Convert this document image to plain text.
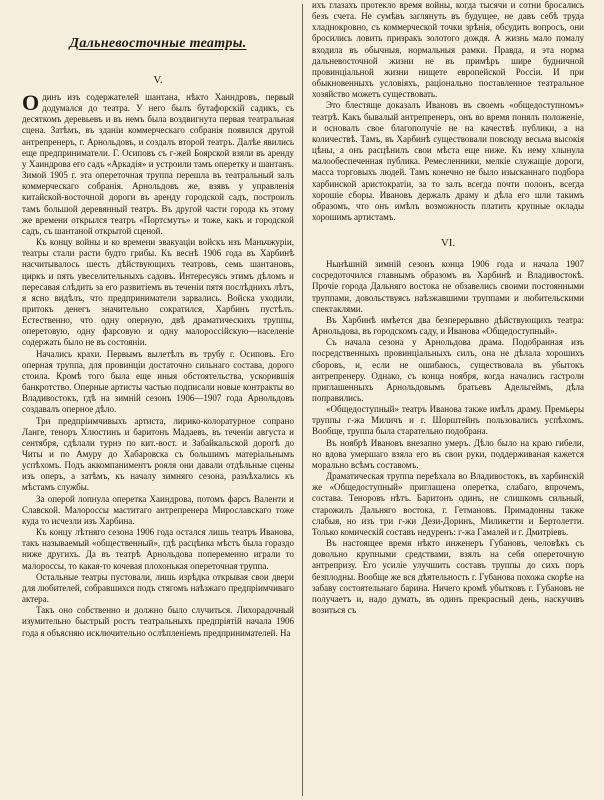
Дальневосточные театры.
V.

Одинъ изъ содержателей шантана, нѣкто Ханндровъ, первый додумался до театра. У него былъ бутафорскій садикъ, съ десяткомъ деревьевъ и въ немъ была воздвигнута первая театральная сцена. Затѣмъ, въ зданіи коммерческаго собранія появился другой антрепренеръ, г. Арнольдовъ, и создалъ второй театръ. Далѣе явились еще предприниматели. Г. Осиповъ съ г-жей Боярской взяли въ аренду у Хаиндрова его садъ «Аркадія» и устроили тамъ оперетку и шантанъ. Зимой 1905 г. эта опереточная труппа перешла въ театральный залъ коммерческаго собранія. Арнольдовъ же, взявъ у управленія китайской-восточной дороги въ аренду городской садъ, построилъ тамъ большой деревянный театръ. Въ другой части города къ этому же времени открылся театръ «Портсмутъ» и тоже, какъ и городской садъ, съ шантаной открытой сценой.

Къ концу войны и ко времени эвакуаціи войскъ изъ Маньчжуріи, театры стали расти будто грибы. Къ веснѣ 1906 года въ Харбинѣ насчитывалось шесть дѣйствующихъ театровъ, семь шантановъ, циркъ и пять увеселительныхъ садовъ. Интересуясь этимъ дѣломъ и пересавая слѣдить за его развитіемъ въ теченіи пятя послѣднихъ лѣтъ, я ясно видѣлъ, что предприниматели зарвались. Войска уходили, притокъ денегъ значительно сократился, Харбинъ пустѣлъ. Естественно, что одну оперную, двѣ драматическихъ труппы, оперетовую, одну фарсовую и одну малороссійскую—населеніе содержать было не въ состояніи.

Начались крахи. Первымъ вылетѣлъ въ трубу г. Осиповъ. Его оперная труппа, для провинціи достаточно сильнаго состава, дорого стоила. Кромѣ того была еще иныя обстоятельства, ускорившія банкротство. Оперные артисты частью подписали новые контракты во Владивостокъ, гдѣ на зимній сезонъ 1906—1907 года Арнольдовъ создавалъ оперное дѣло.

Три предпріимчивыхъ артиста, лирико-колоратурное сопрано Ланге, теноръ Хлюстинъ и баритонъ Мадаевъ, въ теченіи августа и сентября, сдѣлали турнэ по кит.-вост. и Забайкальской дорогѣ до Читы и по Амуру до Хабаровска съ большимъ матеріальнымъ успѣхомъ. Подъ аккомпаниментъ рояля они давали отдѣльные сцены изъ оперъ, а затѣмъ, къ началу зимняго сезона, разъѣхались къ мѣстамъ службы.

За оперой лопнула оперетка Хаиндрова, потомъ фарсъ Валенти и Славской. Малороссы маститаго антрепренера Мирославскаго тоже куда то исчезли изъ Харбина.

Къ концу лѣтняго сезона 1906 года остался лишь театръ Иванова, такъ называемый «общественный», гдѣ расцѣнка мѣстъ была гораздо ниже другихъ. Да въ театрѣ Арнольдова попеременно играли то малороссы, то какая-то кочевая плохонькая опереточная труппа.

Остальные театры пустовали, лишь изрѣдка открывая свои двери для любителей, собравшихся подъ стягомъ наѣзжаго предпріимчиваго актера.

Такъ оно собственно и должно было случиться. Лихорадочный изумительно быстрый ростъ театральныхъ предпріятій начала 1906 года я объясняю исключительно ослѣпленіемъ предпринимателей. На

ихъ глазахъ протекло время войны, когда тысячи и сотни бросались безъ счета. Не сумѣвъ заглянуть въ будущее, не давъ себѣ труда хладнокровно, съ коммерческой точки зрѣнія, обсудить вопросъ, они бросились ловить призракъ золотого дождя. А жизнь мало помалу входила въ обычныя, нормальныя рамки. Правда, и эта норма дальневосточной жизни не въ примѣръ шире будничной провинціальной жизни нищете европейской Россіи. И при обыкновенныхъ условіяхъ, раціонально поставленное театральное хозяйство можетъ существовать.

Это блестяще доказалъ Ивановъ въ своемъ «общедоступномъ» театрѣ. Какъ бывалый антрепренеръ, онъ во время понялъ положеніе, и основалъ свое благополучіе не на качествѣ публики, а на количествѣ. Тамъ, въ Харбинѣ существовали повсюду весьма высокія цѣны, а онъ расцѣнилъ свои мѣста еще ниже. Къ нему хлынула малообеспеченная публика. Ремесленники, мелкіе служащіе дороги, масса торговыхъ людей. Тамъ конечно не было изысканнаго подбора харбинской аристократіи, за то залъ всегда почти полонъ, всегда хорошіе сборы. Ивановъ держалъ драму и дѣла его шли такимъ образомъ, что онъ имѣлъ возможность платить крупные оклады хорошимъ артистамъ.

VI.

Нынѣшній зимній сезонъ конца 1906 года и начала 1907 сосредоточился главнымъ образомъ въ Харбинѣ и Владивостокѣ. Прочіе города Дальняго востока не обзавелись своими постоянными труппами, довольствуясь наѣзжавшими труппами и любительскими спектаклями.

Въ Харбинѣ имѣется два безперерывно дѣйствующихъ театра: Арнольдова, въ городскомъ саду, и Иванова «Общедоступный».

Съ начала сезона у Арнольдова драма. Подобранная изъ посредственныхъ провинціальныхъ силъ, она не дѣлала хорошихъ сборовъ, и, если не ошибаюсь, существовала въ убытокъ антрепренеру. Однако, съ конца ноября, когда начались гастроли приглашенныхъ Арнольдовымъ братьевъ Адельгеймъ, дѣла поправились.

«Общедоступный» театръ Иванова также имѣлъ драму. Премьеры труппы г-жа Миличъ и г. Шорштейнъ пользовались успѣхомъ. Вообще, труппа была старательно подобрана.

Въ ноябрѣ Ивановъ внезапно умеръ. Дѣло было на краю гибели, но вдова умершаго взяла его въ свои руки, поддерживаная кажется морально всѣмъ составомъ.

Драматическая труппа переѣхала во Владивостокъ, въ харбинскій же «Общедоступный» приглашена оперетка, слабаго, впрочемъ, состава. Теноровъ нѣтъ. Баритонъ одинъ, не слишкомъ сильный, старожилъ Дальняго востока, г. Гетмановъ. Примадонны также слабыя, но изъ три г-жи Дези-Доринъ, Миликетти и Бертолетти. Только комическій составъ недуренъ: г-жа Гамалей и г. Дмитріевъ.

Въ настоящее время нѣкто инженеръ Губановъ, человѣкъ съ довольно крупными средствами, взялъ на себя опереточную антрепризу. Его усиліе улучшить составъ труппы до сихъ поръ безплодны. Вообще же вся дѣятельность г. Губанова похожа скорѣе на забаву состоятельнаго барина. Ничего кромѣ убытковъ г. Губановъ не получаетъ и, надо думать, въ одинъ прекрасный день, наскучивъ возиться съ
